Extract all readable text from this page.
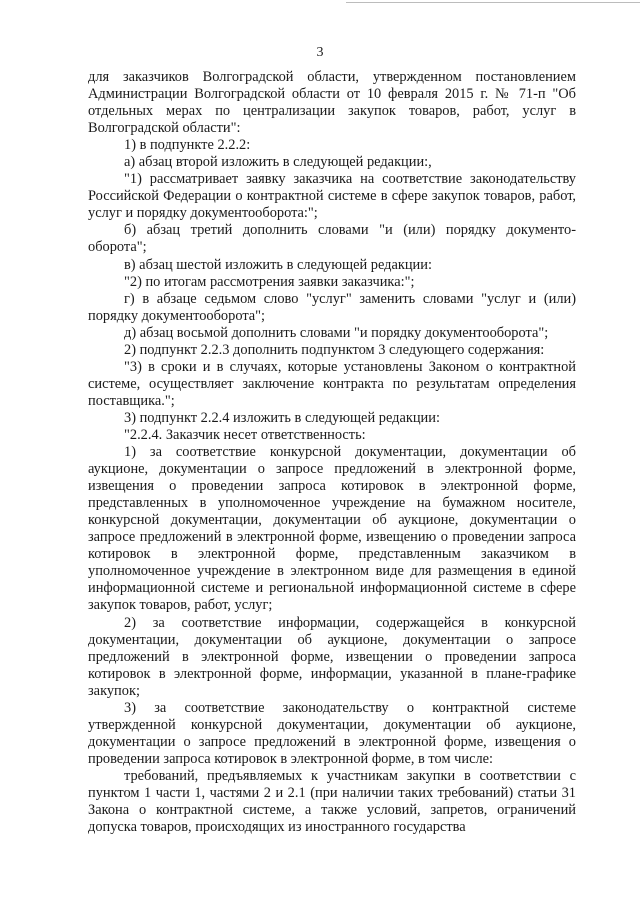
3

для заказчиков Волгоградской области, утвержденном постановлением Администрации Волгоградской области от 10 февраля 2015 г. № 71-п "Об отдельных мерах по централизации закупок товаров, работ, услуг в Волгоградской области":

1) в подпункте 2.2.2:

а) абзац второй изложить в следующей редакции:,

"1) рассматривает заявку заказчика на соответствие законодательству Российской Федерации о контрактной системе в сфере закупок товаров, работ, услуг и порядку документооборота:";

б) абзац третий дополнить словами "и (или) порядку документо-оборота";

в) абзац шестой изложить в следующей редакции:

"2) по итогам рассмотрения заявки заказчика:";

г) в абзаце седьмом слово "услуг" заменить словами "услуг и (или) порядку документооборота";

д) абзац восьмой дополнить словами "и порядку документооборота";

2) подпункт 2.2.3 дополнить подпунктом 3 следующего содержания:

"3) в сроки и в случаях, которые установлены Законом о контрактной системе, осуществляет заключение контракта по результатам определения поставщика.";

3) подпункт 2.2.4 изложить в следующей редакции:

"2.2.4. Заказчик несет ответственность:

1) за соответствие конкурсной документации, документации об аукционе, документации о запросе предложений в электронной форме, извещения о проведении запроса котировок в электронной форме, представленных в уполномоченное учреждение на бумажном носителе, конкурсной документации, документации об аукционе, документации о запросе предложений в электронной форме, извещению о проведении запроса котировок в электронной форме, представленным заказчиком в уполномоченное учреждение в электронном виде для размещения в единой информационной системе и региональной информационной системе в сфере закупок товаров, работ, услуг;

2) за соответствие информации, содержащейся в конкурсной документации, документации об аукционе, документации о запросе предложений в электронной форме, извещении о проведении запроса котировок в электронной форме, информации, указанной в плане-графике закупок;

3) за соответствие законодательству о контрактной системе утвержденной конкурсной документации, документации об аукционе, документации о запросе предложений в электронной форме, извещения о проведении запроса котировок в электронной форме, в том числе:

требований, предъявляемых к участникам закупки в соответствии с пунктом 1 части 1, частями 2 и 2.1 (при наличии таких требований) статьи 31 Закона о контрактной системе, а также условий, запретов, ограничений допуска товаров, происходящих из иностранного государства
